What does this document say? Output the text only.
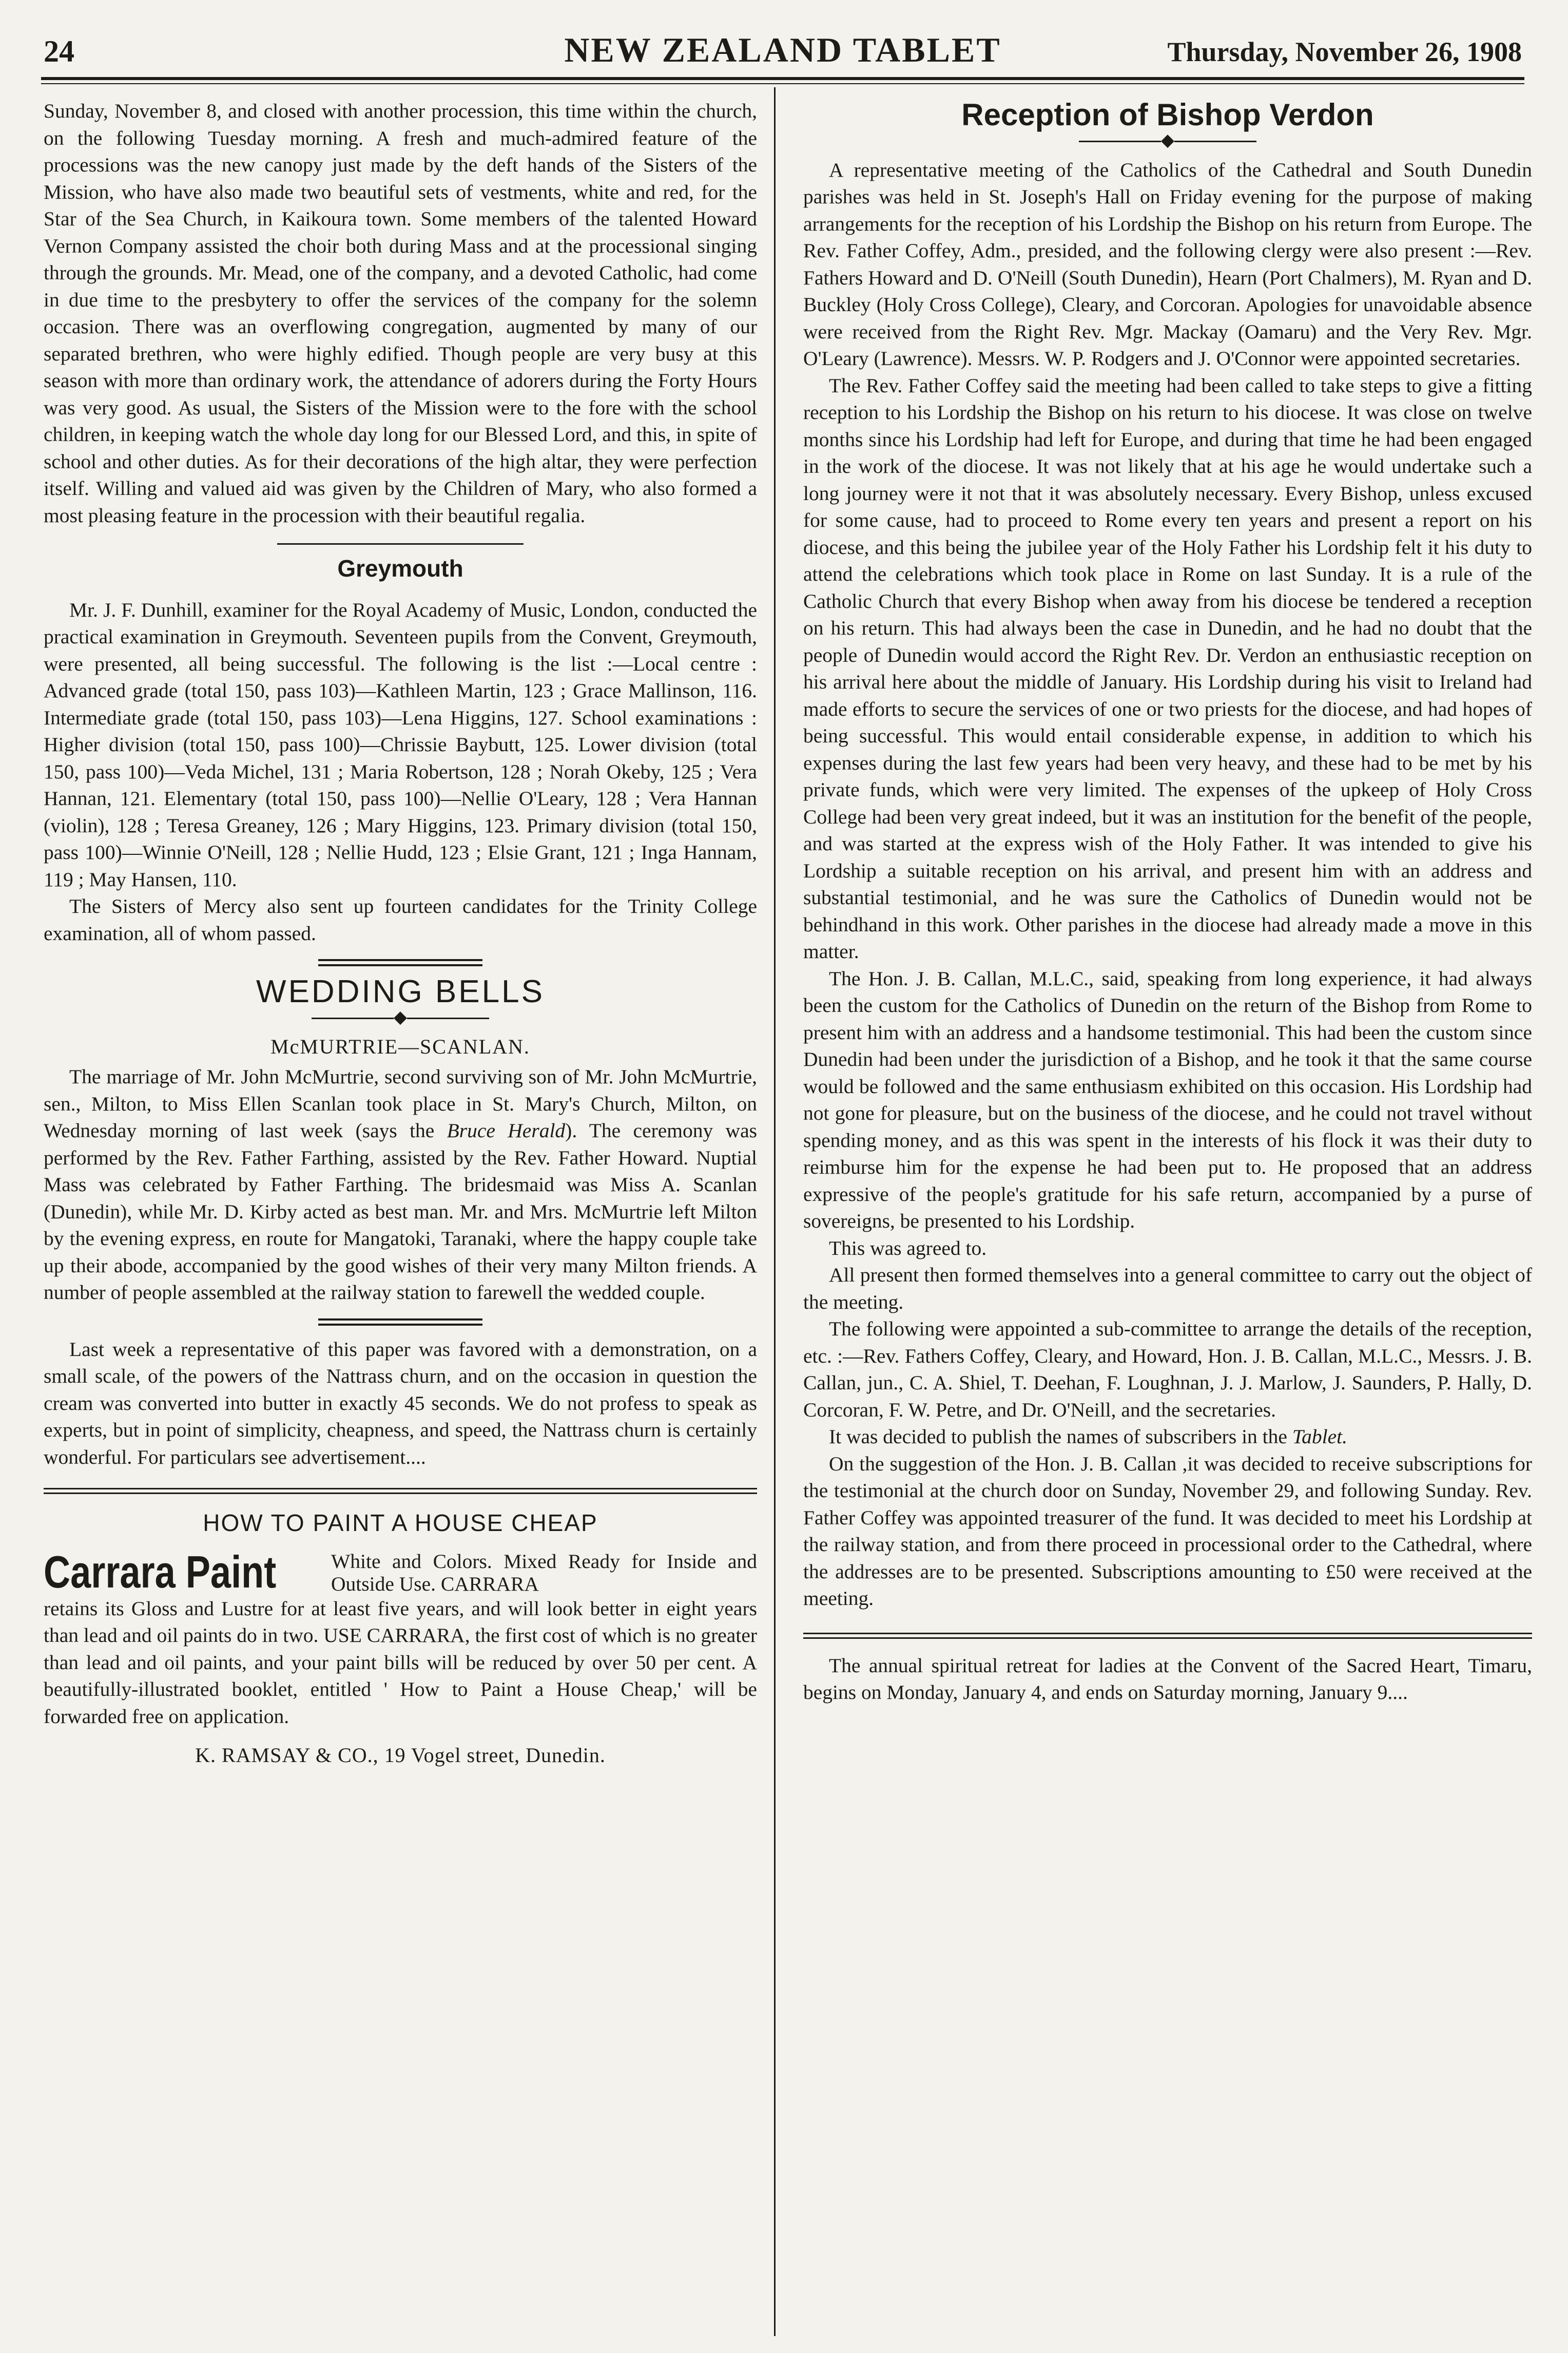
24	NEW ZEALAND TABLET	Thursday, November 26, 1908

Sunday, November 8, and closed with another procession, this time within the church, on the following Tuesday morning. A fresh and much-admired feature of the processions was the new canopy just made by the deft hands of the Sisters of the Mission, who have also made two beautiful sets of vestments, white and red, for the Star of the Sea Church, in Kaikoura town. Some members of the talented Howard Vernon Company assisted the choir both during Mass and at the processional singing through the grounds. Mr. Mead, one of the company, and a devoted Catholic, had come in due time to the presbytery to offer the services of the company for the solemn occasion. There was an overflowing congregation, augmented by many of our separated brethren, who were highly edified. Though people are very busy at this season with more than ordinary work, the attendance of adorers during the Forty Hours was very good. As usual, the Sisters of the Mission were to the fore with the school children, in keeping watch the whole day long for our Blessed Lord, and this, in spite of school and other duties. As for their decorations of the high altar, they were perfection itself. Willing and valued aid was given by the Children of Mary, who also formed a most pleasing feature in the procession with their beautiful regalia.

Greymouth

Mr. J. F. Dunhill, examiner for the Royal Academy of Music, London, conducted the practical examination in Greymouth. Seventeen pupils from the Convent, Greymouth, were presented, all being successful. The following is the list :—Local centre : Advanced grade (total 150, pass 103)—Kathleen Martin, 123 ; Grace Mallinson, 116. Intermediate grade (total 150, pass 103)—Lena Higgins, 127. School examinations : Higher division (total 150, pass 100)—Chrissie Baybutt, 125. Lower division (total 150, pass 100)—Veda Michel, 131 ; Maria Robertson, 128 ; Norah Okeby, 125 ; Vera Hannan, 121. Elementary (total 150, pass 100)—Nellie O'Leary, 128 ; Vera Hannan (violin), 128 ; Teresa Greaney, 126 ; Mary Higgins, 123. Primary division (total 150, pass 100)—Winnie O'Neill, 128 ; Nellie Hudd, 123 ; Elsie Grant, 121 ; Inga Hannam, 119 ; May Hansen, 110.

The Sisters of Mercy also sent up fourteen candidates for the Trinity College examination, all of whom passed.

WEDDING BELLS
◆
McMURTRIE—SCANLAN.

The marriage of Mr. John McMurtrie, second surviving son of Mr. John McMurtrie, sen., Milton, to Miss Ellen Scanlan took place in St. Mary's Church, Milton, on Wednesday morning of last week (says the Bruce Herald). The ceremony was performed by the Rev. Father Farthing, assisted by the Rev. Father Howard. Nuptial Mass was celebrated by Father Farthing. The bridesmaid was Miss A. Scanlan (Dunedin), while Mr. D. Kirby acted as best man. Mr. and Mrs. McMurtrie left Milton by the evening express, en route for Mangatoki, Taranaki, where the happy couple take up their abode, accompanied by the good wishes of their very many Milton friends. A number of people assembled at the railway station to farewell the wedded couple.

Last week a representative of this paper was favored with a demonstration, on a small scale, of the powers of the Nattrass churn, and on the occasion in question the cream was converted into butter in exactly 45 seconds. We do not profess to speak as experts, but in point of simplicity, cheapness, and speed, the Nattrass churn is certainly wonderful. For particulars see advertisement....

HOW TO PAINT A HOUSE CHEAP
Carrara Paint	White and Colors. Mixed Ready for Inside and Outside Use. CARRARA

retains its Gloss and Lustre for at least five years, and will look better in eight years than lead and oil paints do in two. USE CARRARA, the first cost of which is no greater than lead and oil paints, and your paint bills will be reduced by over 50 per cent. A beautifully-illustrated booklet, entitled ' How to Paint a House Cheap,' will be forwarded free on application.

K. RAMSAY & CO., 19 Vogel street, Dunedin.
Reception of Bishop Verdon
◆

A representative meeting of the Catholics of the Cathedral and South Dunedin parishes was held in St. Joseph's Hall on Friday evening for the purpose of making arrangements for the reception of his Lordship the Bishop on his return from Europe. The Rev. Father Coffey, Adm., presided, and the following clergy were also present :—Rev. Fathers Howard and D. O'Neill (South Dunedin), Hearn (Port Chalmers), M. Ryan and D. Buckley (Holy Cross College), Cleary, and Corcoran. Apologies for unavoidable absence were received from the Right Rev. Mgr. Mackay (Oamaru) and the Very Rev. Mgr. O'Leary (Lawrence). Messrs. W. P. Rodgers and J. O'Connor were appointed secretaries.

The Rev. Father Coffey said the meeting had been called to take steps to give a fitting reception to his Lordship the Bishop on his return to his diocese. It was close on twelve months since his Lordship had left for Europe, and during that time he had been engaged in the work of the diocese. It was not likely that at his age he would undertake such a long journey were it not that it was absolutely necessary. Every Bishop, unless excused for some cause, had to proceed to Rome every ten years and present a report on his diocese, and this being the jubilee year of the Holy Father his Lordship felt it his duty to attend the celebrations which took place in Rome on last Sunday. It is a rule of the Catholic Church that every Bishop when away from his diocese be tendered a reception on his return. This had always been the case in Dunedin, and he had no doubt that the people of Dunedin would accord the Right Rev. Dr. Verdon an enthusiastic reception on his arrival here about the middle of January. His Lordship during his visit to Ireland had made efforts to secure the services of one or two priests for the diocese, and had hopes of being successful. This would entail considerable expense, in addition to which his expenses during the last few years had been very heavy, and these had to be met by his private funds, which were very limited. The expenses of the upkeep of Holy Cross College had been very great indeed, but it was an institution for the benefit of the people, and was started at the express wish of the Holy Father. It was intended to give his Lordship a suitable reception on his arrival, and present him with an address and substantial testimonial, and he was sure the Catholics of Dunedin would not be behindhand in this work. Other parishes in the diocese had already made a move in this matter.

The Hon. J. B. Callan, M.L.C., said, speaking from long experience, it had always been the custom for the Catholics of Dunedin on the return of the Bishop from Rome to present him with an address and a handsome testimonial. This had been the custom since Dunedin had been under the jurisdiction of a Bishop, and he took it that the same course would be followed and the same enthusiasm exhibited on this occasion. His Lordship had not gone for pleasure, but on the business of the diocese, and he could not travel without spending money, and as this was spent in the interests of his flock it was their duty to reimburse him for the expense he had been put to. He proposed that an address expressive of the people's gratitude for his safe return, accompanied by a purse of sovereigns, be presented to his Lordship.

This was agreed to.

All present then formed themselves into a general committee to carry out the object of the meeting.

The following were appointed a sub-committee to arrange the details of the reception, etc. :—Rev. Fathers Coffey, Cleary, and Howard, Hon. J. B. Callan, M.L.C., Messrs. J. B. Callan, jun., C. A. Shiel, T. Deehan, F. Loughnan, J. J. Marlow, J. Saunders, P. Hally, D. Corcoran, F. W. Petre, and Dr. O'Neill, and the secretaries.

It was decided to publish the names of subscribers in the Tablet.

On the suggestion of the Hon. J. B. Callan ,it was decided to receive subscriptions for the testimonial at the church door on Sunday, November 29, and following Sunday. Rev. Father Coffey was appointed treasurer of the fund. It was decided to meet his Lordship at the railway station, and from there proceed in processional order to the Cathedral, where the addresses are to be presented. Subscriptions amounting to £50 were received at the meeting.

The annual spiritual retreat for ladies at the Convent of the Sacred Heart, Timaru, begins on Monday, January 4, and ends on Saturday morning, January 9....
